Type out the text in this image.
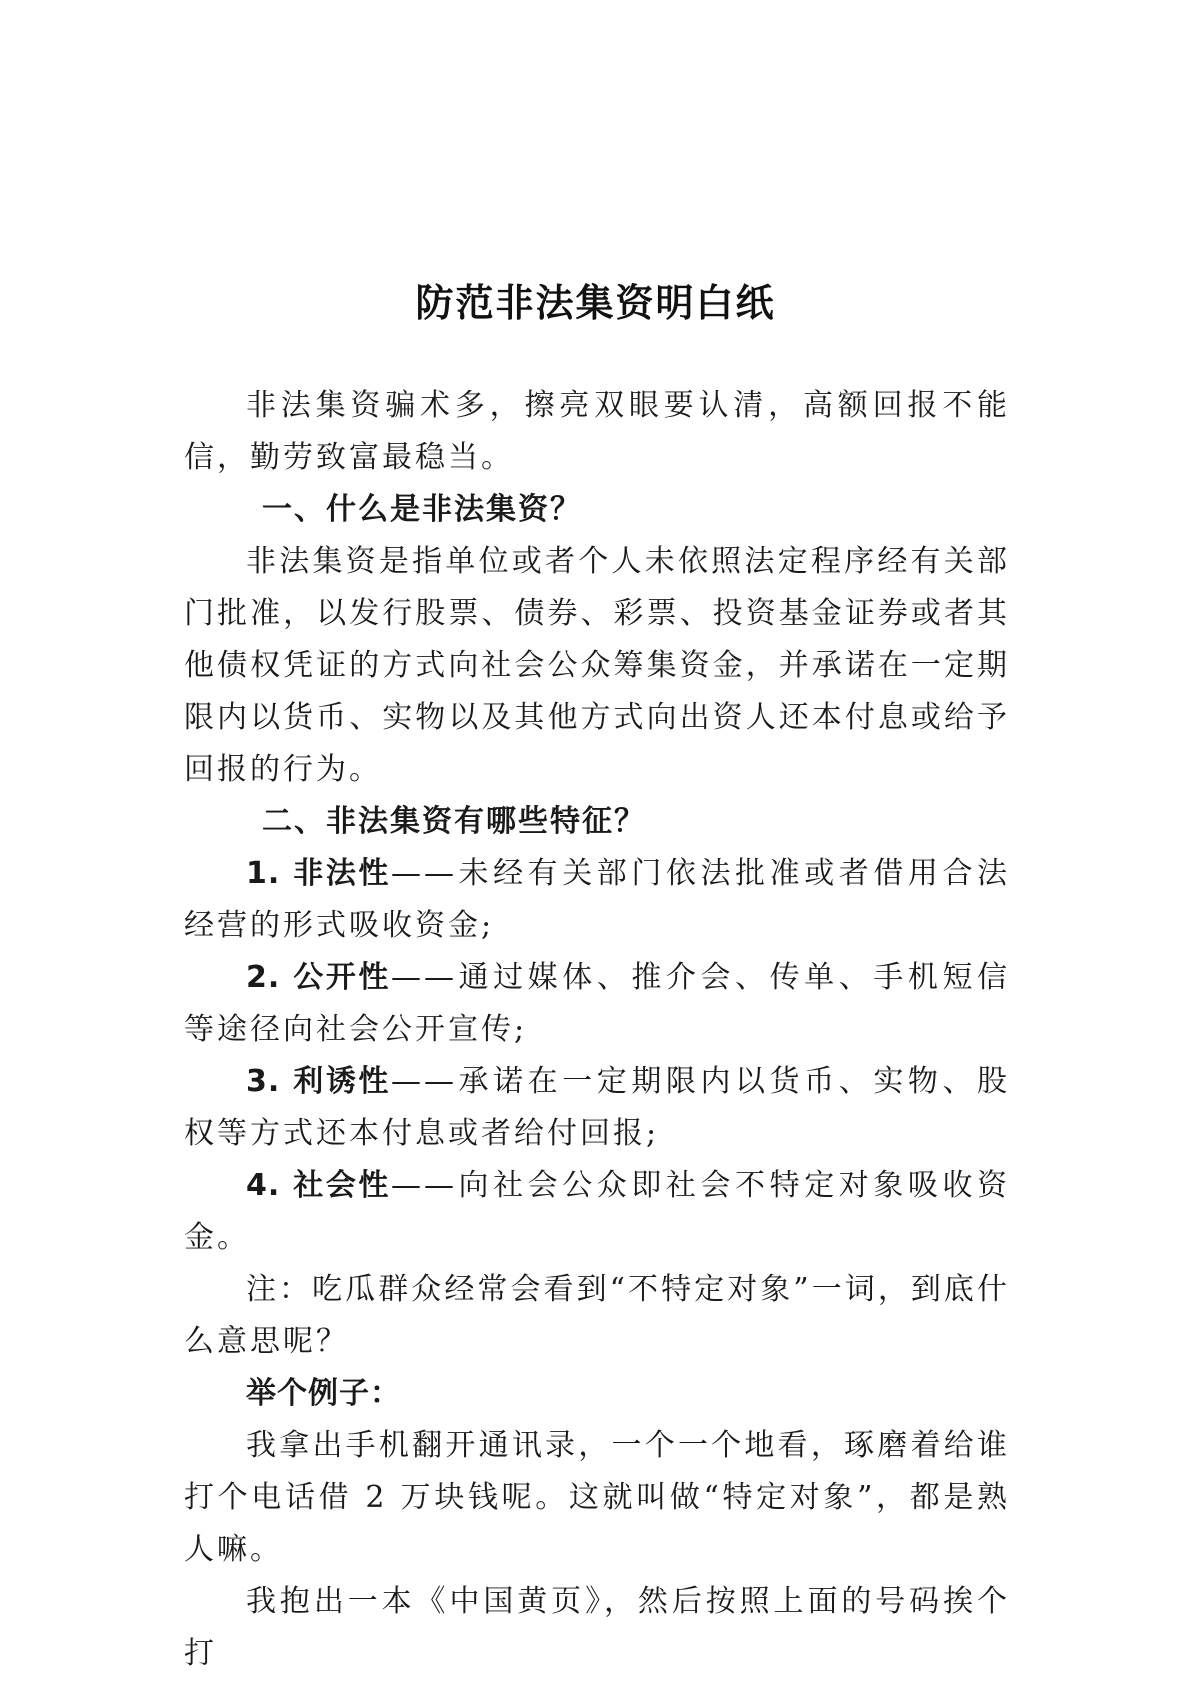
防范非法集资明白纸

非法集资骗术多，擦亮双眼要认清，高额回报不能信，勤劳致富最稳当。

一、什么是非法集资？

非法集资是指单位或者个人未依照法定程序经有关部门批准，以发行股票、债券、彩票、投资基金证券或者其他债权凭证的方式向社会公众筹集资金，并承诺在一定期限内以货币、实物以及其他方式向出资人还本付息或给予回报的行为。

二、非法集资有哪些特征？

1. 非法性——未经有关部门依法批准或者借用合法经营的形式吸收资金;

2. 公开性——通过媒体、推介会、传单、手机短信等途径向社会公开宣传;

3. 利诱性——承诺在一定期限内以货币、实物、股权等方式还本付息或者给付回报;

4. 社会性——向社会公众即社会不特定对象吸收资金。

注：吃瓜群众经常会看到“不特定对象”一词，到底什么意思呢？

举个例子：

我拿出手机翻开通讯录，一个一个地看，琢磨着给谁打个电话借 2 万块钱呢。这就叫做“特定对象”，都是熟人嘛。

我抱出一本《中国黄页》，然后按照上面的号码挨个打
